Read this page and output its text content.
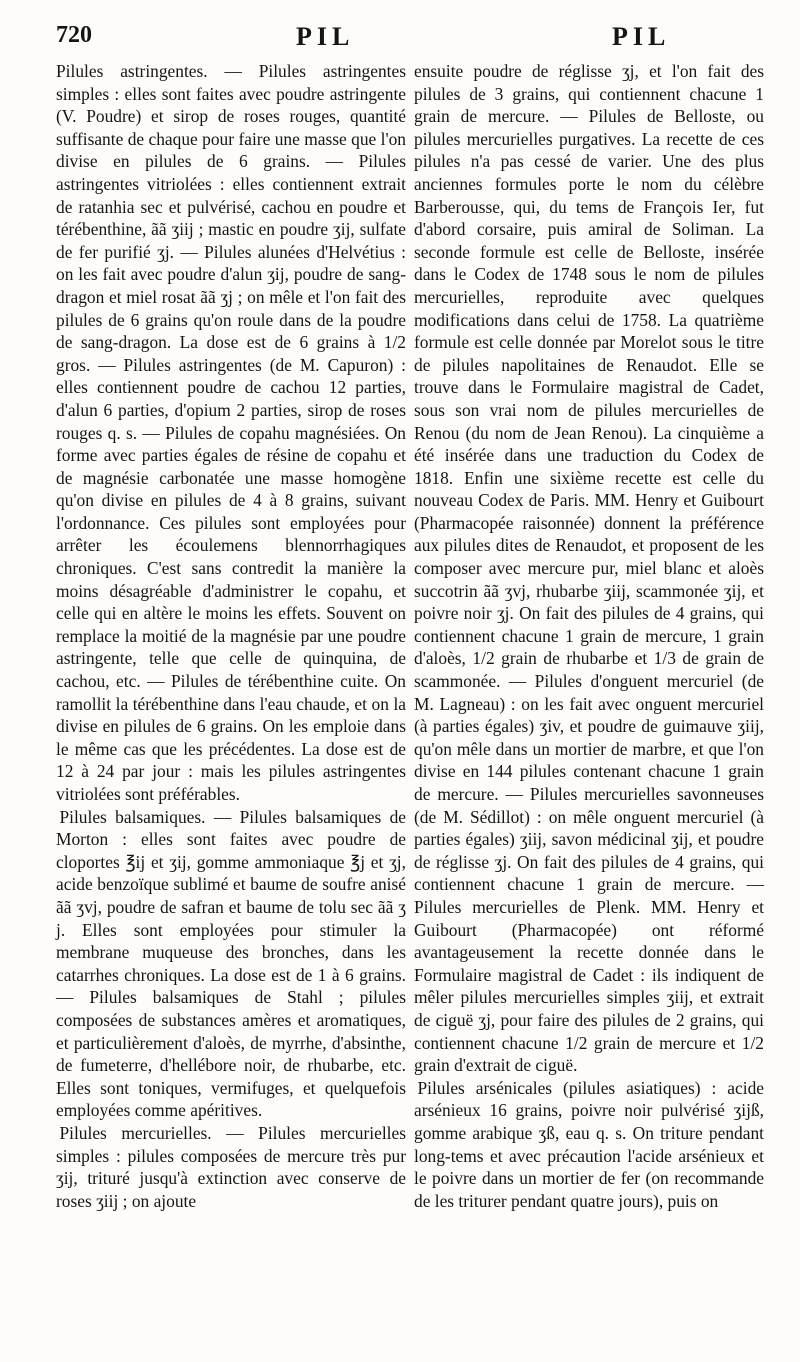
720	PIL	PIL

Pilules astringentes. — Pilules astringentes simples : elles sont faites avec poudre astringente (V. Poudre) et sirop de roses rouges, quantité suffisante de chaque pour faire une masse que l'on divise en pilules de 6 grains. — Pilules astringentes vitriolées : elles contiennent extrait de ratanhia sec et pulvérisé, cachou en poudre et térébenthine, ãã ʒiij ; mastic en poudre ʒij, sulfate de fer purifié ʒj. — Pilules alunées d'Helvétius : on les fait avec poudre d'alun ʒij, poudre de sang-dragon et miel rosat ãã ʒj ; on mêle et l'on fait des pilules de 6 grains qu'on roule dans de la poudre de sang-dragon. La dose est de 6 grains à 1/2 gros. — Pilules astringentes (de M. Capuron) : elles contiennent poudre de cachou 12 parties, d'alun 6 parties, d'opium 2 parties, sirop de roses rouges q. s. — Pilules de copahu magnésiées. On forme avec parties égales de résine de copahu et de magnésie carbonatée une masse homogène qu'on divise en pilules de 4 à 8 grains, suivant l'ordonnance. Ces pilules sont employées pour arrêter les écoulemens blennorrhagiques chroniques. C'est sans contredit la manière la moins désagréable d'administrer le copahu, et celle qui en altère le moins les effets. Souvent on remplace la moitié de la magnésie par une poudre astringente, telle que celle de quinquina, de cachou, etc. — Pilules de térébenthine cuite. On ramollit la térébenthine dans l'eau chaude, et on la divise en pilules de 6 grains. On les emploie dans le même cas que les précédentes. La dose est de 12 à 24 par jour : mais les pilules astringentes vitriolées sont préférables.

Pilules balsamiques. — Pilules balsamiques de Morton : elles sont faites avec poudre de cloportes ℥ij et ʒij, gomme ammoniaque ℥j et ʒj, acide benzoïque sublimé et baume de soufre anisé ãã ʒvj, poudre de safran et baume de tolu sec ãã ʒ j. Elles sont employées pour stimuler la membrane muqueuse des bronches, dans les catarrhes chroniques. La dose est de 1 à 6 grains. — Pilules balsamiques de Stahl ; pilules composées de substances amères et aromatiques, et particulièrement d'aloès, de myrrhe, d'absinthe, de fumeterre, d'hellébore noir, de rhubarbe, etc. Elles sont toniques, vermifuges, et quelquefois employées comme apéritives.

Pilules mercurielles. — Pilules mercurielles simples : pilules composées de mercure très pur ʒij, trituré jusqu'à extinction avec conserve de roses ʒiij ; on ajoute

ensuite poudre de réglisse ʒj, et l'on fait des pilules de 3 grains, qui contiennent chacune 1 grain de mercure. — Pilules de Belloste, ou pilules mercurielles purgatives. La recette de ces pilules n'a pas cessé de varier. Une des plus anciennes formules porte le nom du célèbre Barberousse, qui, du tems de François Ier, fut d'abord corsaire, puis amiral de Soliman. La seconde formule est celle de Belloste, insérée dans le Codex de 1748 sous le nom de pilules mercurielles, reproduite avec quelques modifications dans celui de 1758. La quatrième formule est celle donnée par Morelot sous le titre de pilules napolitaines de Renaudot. Elle se trouve dans le Formulaire magistral de Cadet, sous son vrai nom de pilules mercurielles de Renou (du nom de Jean Renou). La cinquième a été insérée dans une traduction du Codex de 1818. Enfin une sixième recette est celle du nouveau Codex de Paris. MM. Henry et Guibourt (Pharmacopée raisonnée) donnent la préférence aux pilules dites de Renaudot, et proposent de les composer avec mercure pur, miel blanc et aloès succotrin ãã ʒvj, rhubarbe ʒiij, scammonée ʒij, et poivre noir ʒj. On fait des pilules de 4 grains, qui contiennent chacune 1 grain de mercure, 1 grain d'aloès, 1/2 grain de rhubarbe et 1/3 de grain de scammonée. — Pilules d'onguent mercuriel (de M. Lagneau) : on les fait avec onguent mercuriel (à parties égales) ʒiv, et poudre de guimauve ʒiij, qu'on mêle dans un mortier de marbre, et que l'on divise en 144 pilules contenant chacune 1 grain de mercure. — Pilules mercurielles savonneuses (de M. Sédillot) : on mêle onguent mercuriel (à parties égales) ʒiij, savon médicinal ʒij, et poudre de réglisse ʒj. On fait des pilules de 4 grains, qui contiennent chacune 1 grain de mercure. — Pilules mercurielles de Plenk. MM. Henry et Guibourt (Pharmacopée) ont réformé avantageusement la recette donnée dans le Formulaire magistral de Cadet : ils indiquent de mêler pilules mercurielles simples ʒiij, et extrait de ciguë ʒj, pour faire des pilules de 2 grains, qui contiennent chacune 1/2 grain de mercure et 1/2 grain d'extrait de ciguë.

Pilules arsénicales (pilules asiatiques) : acide arsénieux 16 grains, poivre noir pulvérisé ʒijß, gomme arabique ʒß, eau q. s. On triture pendant long-tems et avec précaution l'acide arsénieux et le poivre dans un mortier de fer (on recommande de les triturer pendant quatre jours), puis on
